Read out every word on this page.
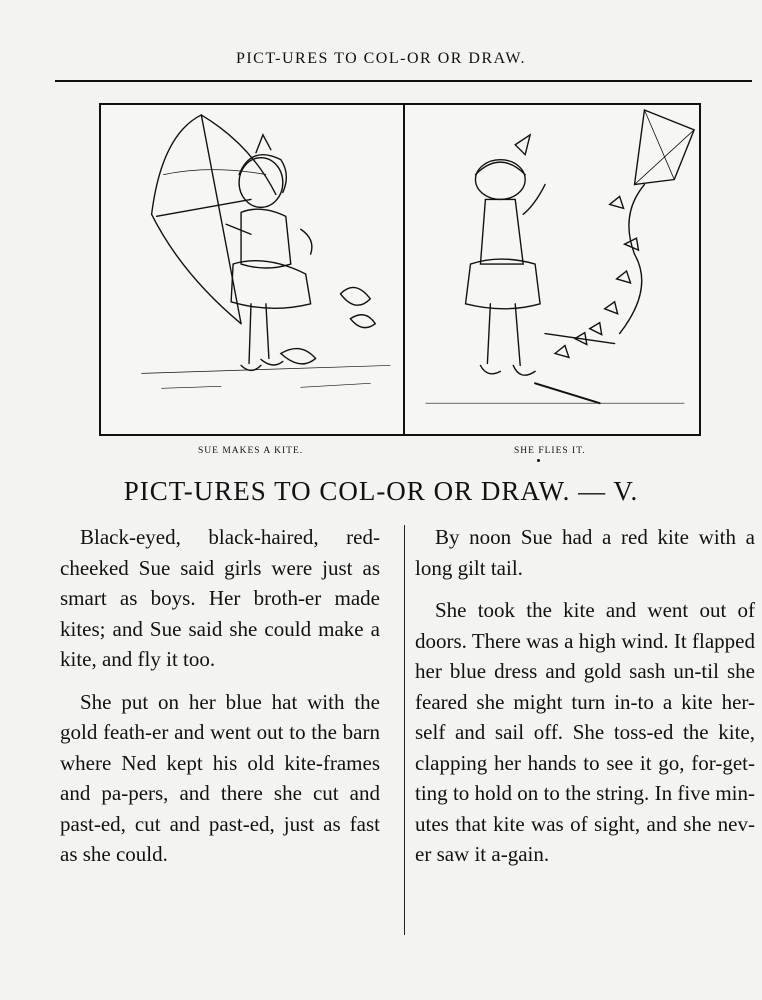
PICT-URES TO COL-OR OR DRAW.
SUE MAKES A KITE.	SHE FLIES IT.
PICT-URES TO COL-OR OR DRAW. — V.

Black-eyed, black-haired, red-cheeked Sue said girls were just as smart as boys. Her broth-er made kites; and Sue said she could make a kite, and fly it too.

She put on her blue hat with the gold feath-er and went out to the barn where Ned kept his old kite-frames and pa-pers, and there she cut and past-ed, cut and past-ed, just as fast as she could.

By noon Sue had a red kite with a long gilt tail.

She took the kite and went out of doors. There was a high wind. It flapped her blue dress and gold sash un-til she feared she might turn in-to a kite her-self and sail off. She toss-ed the kite, clapping her hands to see it go, for-get-ting to hold on to the string. In five min-utes that kite was of sight, and she nev-er saw it a-gain.
